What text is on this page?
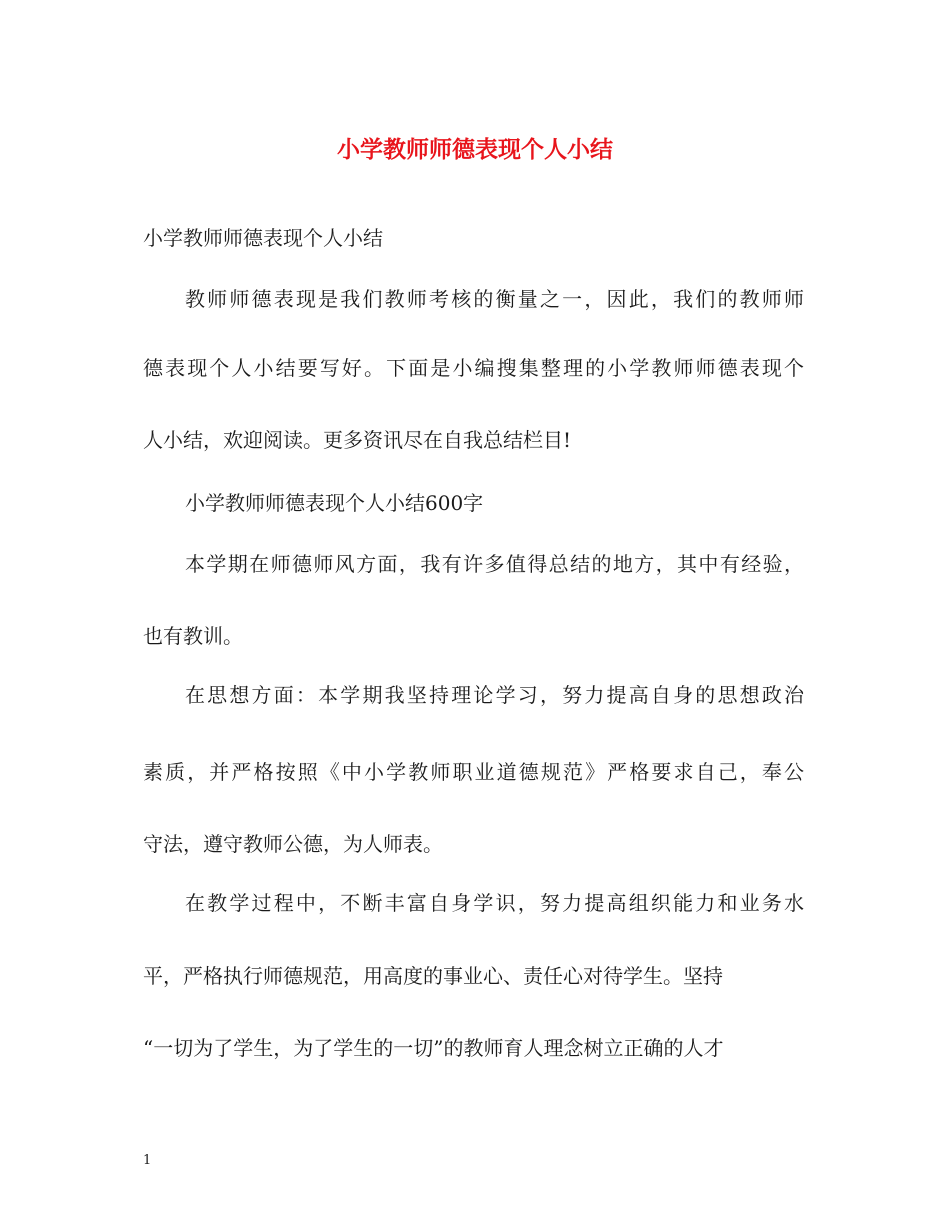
小学教师师德表现个人小结

小学教师师德表现个人小结

教师师德表现是我们教师考核的衡量之一，因此，我们的教师师

德表现个人小结要写好。下面是小编搜集整理的小学教师师德表现个

人小结，欢迎阅读。更多资讯尽在自我总结栏目!

小学教师师德表现个人小结600字

本学期在师德师风方面，我有许多值得总结的地方，其中有经验，

也有教训。

在思想方面：本学期我坚持理论学习，努力提高自身的思想政治

素质，并严格按照《中小学教师职业道德规范》严格要求自己，奉公

守法，遵守教师公德，为人师表。

在教学过程中，不断丰富自身学识，努力提高组织能力和业务水

平，严格执行师德规范，用高度的事业心、责任心对待学生。坚持

“一切为了学生，为了学生的一切”的教师育人理念树立正确的人才

1
